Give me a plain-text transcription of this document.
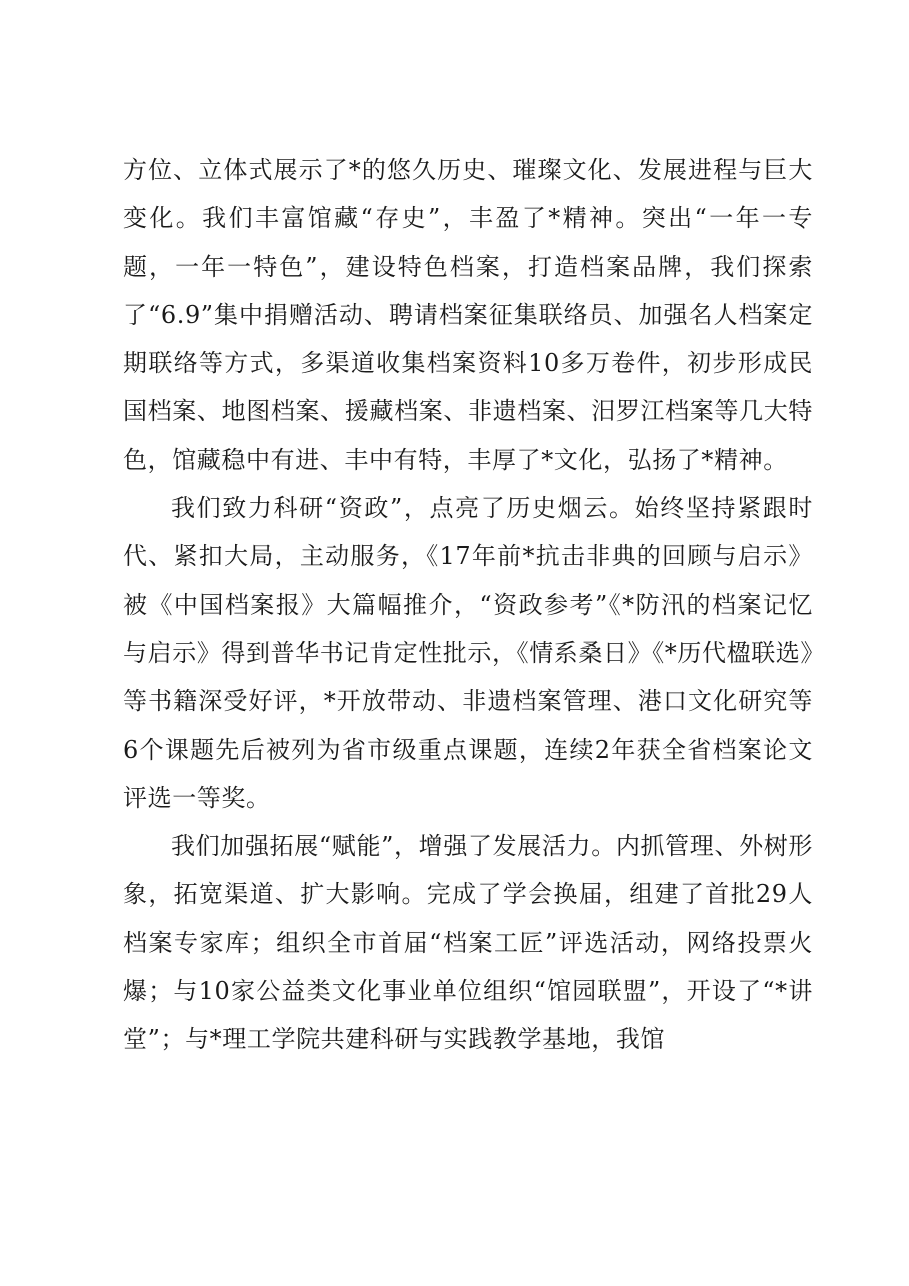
方位、立体式展示了*的悠久历史、璀璨文化、发展进程与巨大变化。我们丰富馆藏“存史”，丰盈了*精神。突出“一年一专题，一年一特色”，建设特色档案，打造档案品牌，我们探索了“6.9”集中捐赠活动、聘请档案征集联络员、加强名人档案定期联络等方式，多渠道收集档案资料10多万卷件，初步形成民国档案、地图档案、援藏档案、非遗档案、汨罗江档案等几大特色，馆藏稳中有进、丰中有特，丰厚了*文化，弘扬了*精神。

我们致力科研“资政”，点亮了历史烟云。始终坚持紧跟时代、紧扣大局，主动服务，《17年前*抗击非典的回顾与启示》被《中国档案报》大篇幅推介，“资政参考”《*防汛的档案记忆与启示》得到普华书记肯定性批示，《情系桑日》《*历代楹联选》等书籍深受好评，*开放带动、非遗档案管理、港口文化研究等6个课题先后被列为省市级重点课题，连续2年获全省档案论文评选一等奖。

我们加强拓展“赋能”，增强了发展活力。内抓管理、外树形象，拓宽渠道、扩大影响。完成了学会换届，组建了首批29人档案专家库；组织全市首届“档案工匠”评选活动，网络投票火爆；与10家公益类文化事业单位组织“馆园联盟”，开设了“*讲堂”；与*理工学院共建科研与实践教学基地，我馆
